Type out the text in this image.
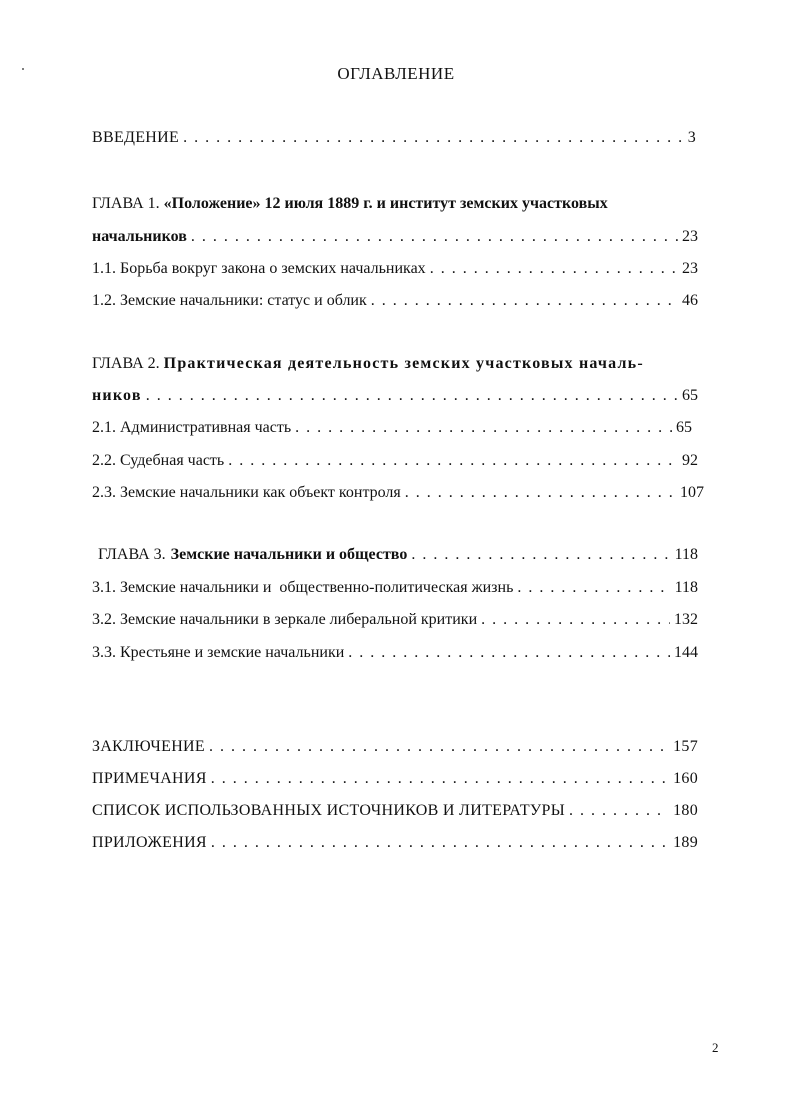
ОГЛАВЛЕНИЕ
ВВЕДЕНИЕ . . .	3
ГЛАВА 1. «Положение» 12 июля 1889 г. и институт земских участковых
начальников . . .	23
1.1. Борьба вокруг закона о земских начальниках . . .	23
1.2. Земские начальники: статус и облик . . .	46
ГЛАВА 2. Практическая деятельность земских участковых началь-
ников . . .	65
2.1. Административная часть . . .	65
2.2. Судебная часть . . .	92
2.3. Земские начальники как объект контроля . . .	107
ГЛАВА 3. Земские начальники и общество . . .	118
3.1. Земские начальники и  общественно-политическая жизнь . . .	118
3.2. Земские начальники в зеркале либеральной критики . . .	132
3.3. Крестьяне и земские начальники . . .	144
ЗАКЛЮЧЕНИЕ . . .	157
ПРИМЕЧАНИЯ . . .	160
СПИСОК ИСПОЛЬЗОВАННЫХ ИСТОЧНИКОВ И ЛИТЕРАТУРЫ . . .	180
ПРИЛОЖЕНИЯ . . .	189
2
